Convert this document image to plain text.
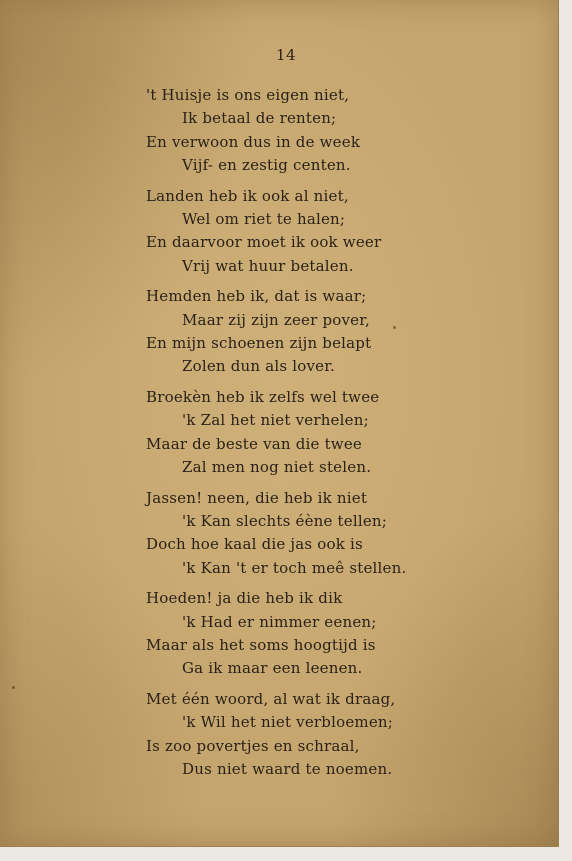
14
't Huisje is ons eigen niet,
Ik betaal de renten;
En verwoon dus in de week
Vijf- en zestig centen.
Landen heb ik ook al niet,
Wel om riet te halen;
En daarvoor moet ik ook weer
Vrij wat huur betalen.
Hemden heb ik, dat is waar;
Maar zij zijn zeer pover,
En mijn schoenen zijn belapt
Zolen dun als lover.
Broekèn heb ik zelfs wel twee
'k Zal het niet verhelen;
Maar de beste van die twee
Zal men nog niet stelen.
Jassen! neen, die heb ik niet
'k Kan slechts éène tellen;
Doch hoe kaal die jas ook is
'k Kan 't er toch meê stellen.
Hoeden! ja die heb ik dik
'k Had er nimmer eenen;
Maar als het soms hoogtijd is
Ga ik maar een leenen.
Met één woord, al wat ik draag,
'k Wil het niet verbloemen;
Is zoo povertjes en schraal,
Dus niet waard te noemen.
